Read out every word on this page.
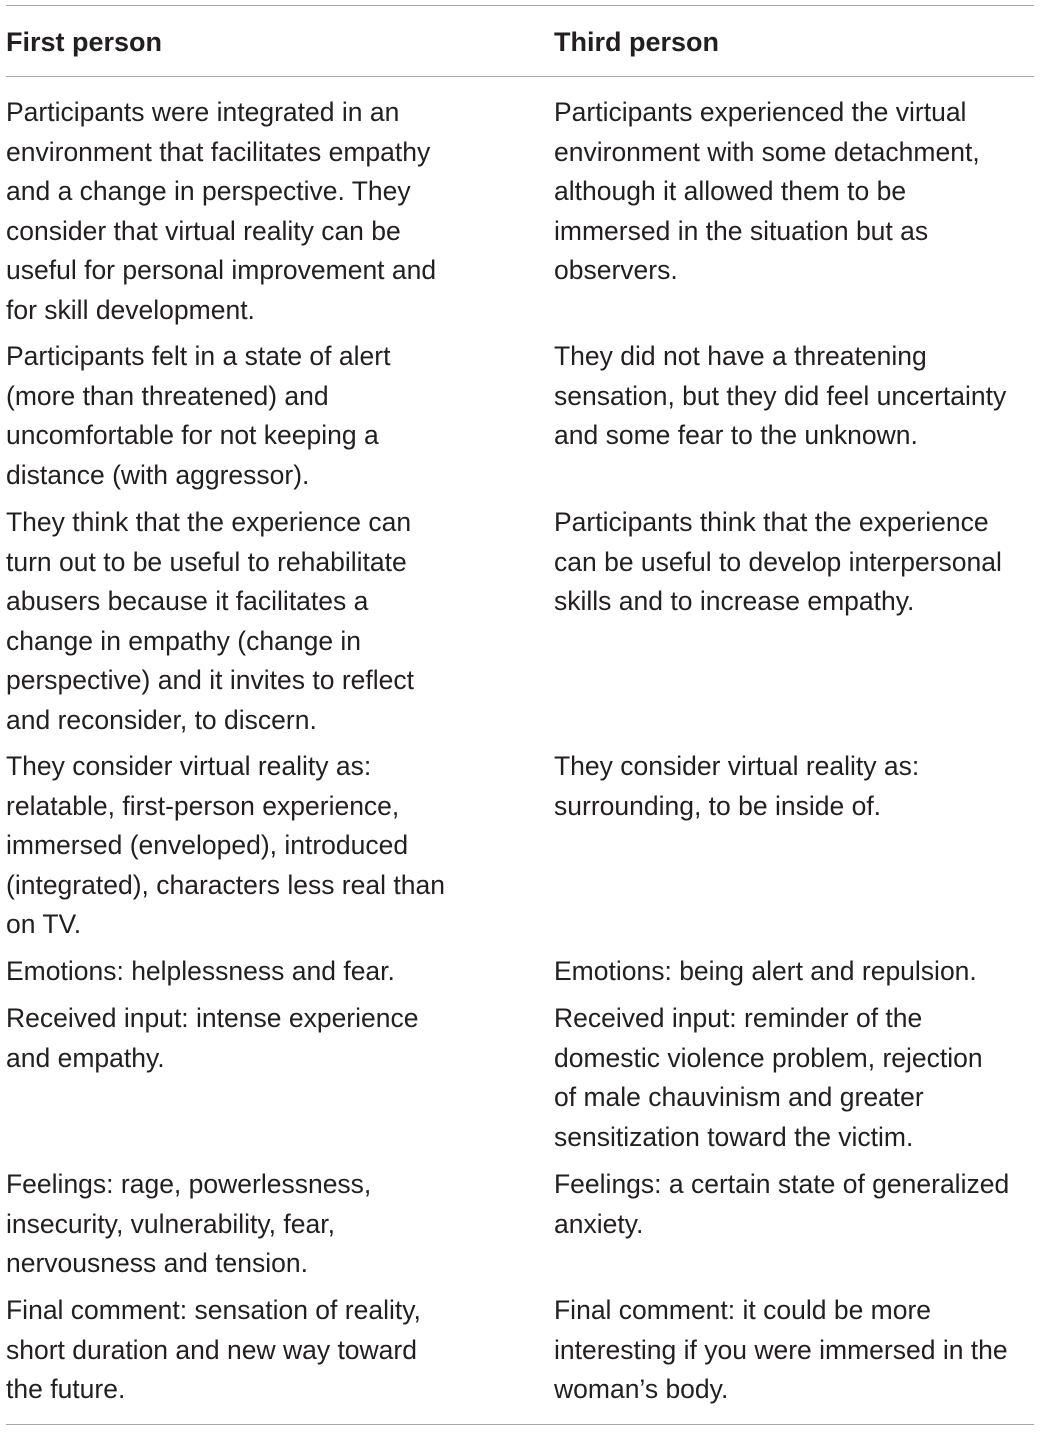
First person	Third person
Participants were integrated in an
environment that facilitates empathy
and a change in perspective. They
consider that virtual reality can be
useful for personal improvement and
for skill development.
Participants experienced the virtual
environment with some detachment,
although it allowed them to be
immersed in the situation but as
observers.
Participants felt in a state of alert
(more than threatened) and
uncomfortable for not keeping a
distance (with aggressor).
They did not have a threatening
sensation, but they did feel uncertainty
and some fear to the unknown.
They think that the experience can
turn out to be useful to rehabilitate
abusers because it facilitates a
change in empathy (change in
perspective) and it invites to reflect
and reconsider, to discern.
Participants think that the experience
can be useful to develop interpersonal
skills and to increase empathy.
They consider virtual reality as:
relatable, first-person experience,
immersed (enveloped), introduced
(integrated), characters less real than
on TV.
They consider virtual reality as:
surrounding, to be inside of.
Emotions: helplessness and fear.	Emotions: being alert and repulsion.
Received input: intense experience
and empathy.
Received input: reminder of the
domestic violence problem, rejection
of male chauvinism and greater
sensitization toward the victim.
Feelings: rage, powerlessness,
insecurity, vulnerability, fear,
nervousness and tension.
Feelings: a certain state of generalized
anxiety.
Final comment: sensation of reality,
short duration and new way toward
the future.
Final comment: it could be more
interesting if you were immersed in the
woman’s body.
